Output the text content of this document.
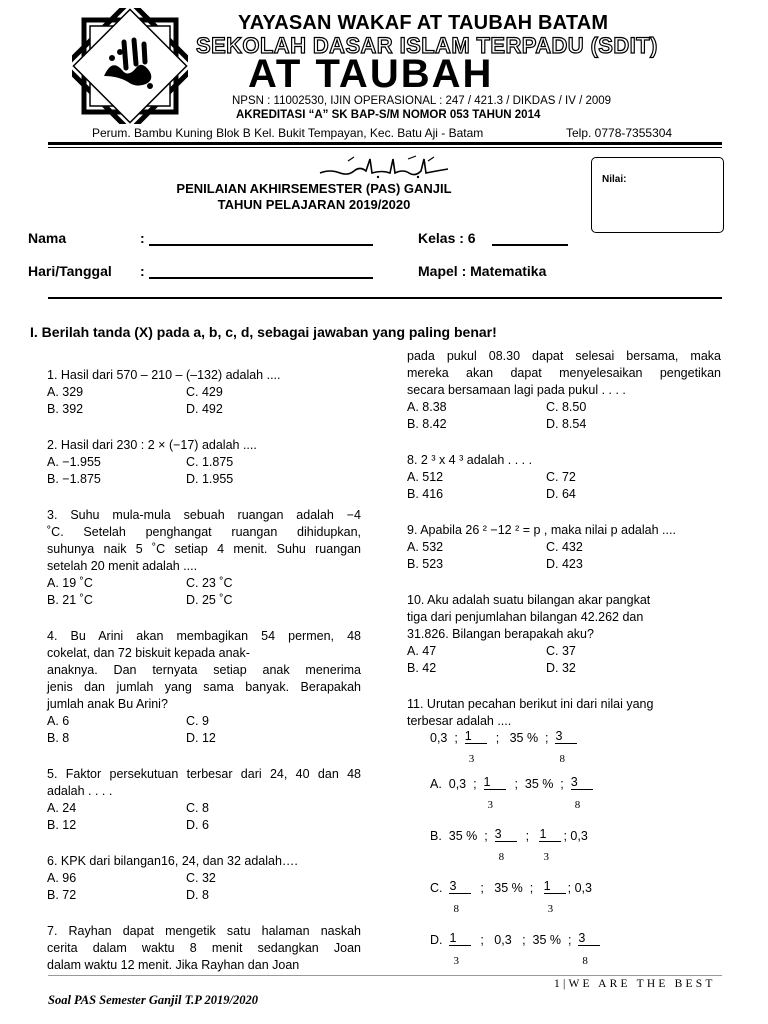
YAYASAN WAKAF AT TAUBAH BATAM
SEKOLAH DASAR ISLAM TERPADU (SDIT)
AT TAUBAH
NPSN : 11002530, IJIN OPERASIONAL : 247 / 421.3 / DIKDAS / IV / 2009
AKREDITASI “A” SK BAP-S/M NOMOR 053 TAHUN 2014
Perum. Bambu Kuning Blok B Kel. Bukit Tempayan, Kec. Batu Aji - Batam	Telp. 0778-7355304
PENILAIAN AKHIRSEMESTER (PAS) GANJIL
TAHUN PELAJARAN 2019/2020
Nilai:
Nama	:	Kelas : 6
Hari/Tanggal :	Mapel : Matematika
I. Berilah tanda (X) pada a, b, c, d, sebagai jawaban yang paling benar!
1. Hasil dari 570 – 210 – (–132) adalah ....
A. 329	C. 429
B. 392	D. 492
2. Hasil dari 230 : 2 × (−17) adalah ....
A. −1.955	C. 1.875
B. −1.875	D. 1.955
3. Suhu mula-mula sebuah ruangan adalah −4
˚C. Setelah penghangat ruangan dihidupkan,
suhunya naik 5 ˚C setiap 4 menit. Suhu ruangan
setelah 20 menit adalah ....
A. 19 ˚C	C. 23 ˚C
B. 21 ˚C	D. 25 ˚C
4. Bu Arini akan membagikan 54 permen, 48
cokelat, dan 72 biskuit kepada anak-
anaknya. Dan ternyata setiap anak menerima
jenis dan jumlah yang sama banyak. Berapakah
jumlah anak Bu Arini?
A. 6	C. 9
B. 8	D. 12
5. Faktor persekutuan terbesar dari 24, 40 dan 48
adalah . . . .
A. 24	C. 8
B. 12	D. 6
6. KPK dari bilangan16, 24, dan 32 adalah….
A. 96	C. 32
B. 72	D. 8
7. Rayhan dapat mengetik satu halaman naskah
cerita dalam waktu 8 menit sedangkan Joan
dalam waktu 12 menit. Jika Rayhan dan Joan
pada pukul 08.30 dapat selesai bersama, maka
mereka akan dapat menyelesaikan pengetikan
secara bersamaan lagi pada pukul . . . .
A. 8.38	C. 8.50
B. 8.42	D. 8.54
8. 2 ³ x 4 ³ adalah . . . .
A. 512	C. 72
B. 416	D. 64
9. Apabila 26 ² −12 ² = p , maka nilai p adalah ....
A. 532	C. 432
B. 523	D. 423
10. Aku adalah suatu bilangan akar pangkat
tiga dari penjumlahan bilangan 42.262 dan
31.826. Bilangan berapakah aku?
A. 47	C. 37
B. 42	D. 32
11. Urutan pecahan berikut ini dari nilai yang
terbesar adalah ....
0,3  ; $\frac{1}{3}$ ;   35 %  ; $\frac{3}{8}$
A.  0,3  ; $\frac{1}{3}$ ;  35 %  ; $\frac{3}{8}$
B.  35 %  ; $\frac{3}{8}$ ; $\frac{1}{3}$ ; 0,3
C. $\frac{3}{8}$ ;   35 %  ; $\frac{1}{3}$ ; 0,3
D. $\frac{1}{3}$ ;   0,3   ;  35 %  ; $\frac{3}{8}$
Soal PAS Semester Ganjil T.P 2019/2020
1|WE ARE THE BEST
